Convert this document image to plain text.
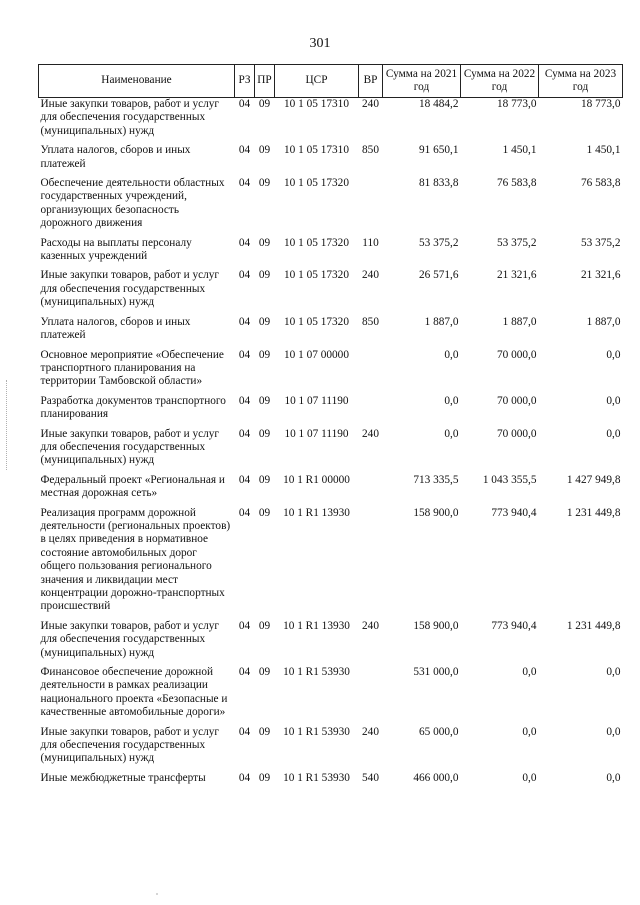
301
Наименование	РЗ	ПР	ЦСР	ВР	Сумма на 2021 год	Сумма на 2022 год	Сумма на 2023 год
Иные закупки товаров, работ и услуг для обеспечения государственных (муниципальных) нужд	04	09	10 1 05 17310	240	18 484,2	18 773,0	18 773,0
Уплата налогов, сборов и иных платежей	04	09	10 1 05 17310	850	91 650,1	1 450,1	1 450,1
Обеспечение деятельности областных государственных учреждений, организующих безопасность дорожного движения	04	09	10 1 05 17320		81 833,8	76 583,8	76 583,8
Расходы на выплаты персоналу казенных учреждений	04	09	10 1 05 17320	110	53 375,2	53 375,2	53 375,2
Иные закупки товаров, работ и услуг для обеспечения государственных (муниципальных) нужд	04	09	10 1 05 17320	240	26 571,6	21 321,6	21 321,6
Уплата налогов, сборов и иных платежей	04	09	10 1 05 17320	850	1 887,0	1 887,0	1 887,0
Основное мероприятие «Обеспечение транспортного планирования на территории Тамбовской области»	04	09	10 1 07 00000		0,0	70 000,0	0,0
Разработка документов транспортного планирования	04	09	10 1 07 11190		0,0	70 000,0	0,0
Иные закупки товаров, работ и услуг для обеспечения государственных (муниципальных) нужд	04	09	10 1 07 11190	240	0,0	70 000,0	0,0
Федеральный проект «Региональная и местная дорожная сеть»	04	09	10 1 R1 00000		713 335,5	1 043 355,5	1 427 949,8
Реализация программ дорожной деятельности (региональных проектов) в целях приведения в нормативное состояние автомобильных дорог общего пользования регионального значения и ликвидации мест концентрации дорожно-транспортных происшествий	04	09	10 1 R1 13930		158 900,0	773 940,4	1 231 449,8
Иные закупки товаров, работ и услуг для обеспечения государственных (муниципальных) нужд	04	09	10 1 R1 13930	240	158 900,0	773 940,4	1 231 449,8
Финансовое обеспечение дорожной деятельности в рамках реализации национального проекта «Безопасные и качественные автомобильные дороги»	04	09	10 1 R1 53930		531 000,0	0,0	0,0
Иные закупки товаров, работ и услуг для обеспечения государственных (муниципальных) нужд	04	09	10 1 R1 53930	240	65 000,0	0,0	0,0
Иные межбюджетные трансферты	04	09	10 1 R1 53930	540	466 000,0	0,0	0,0
